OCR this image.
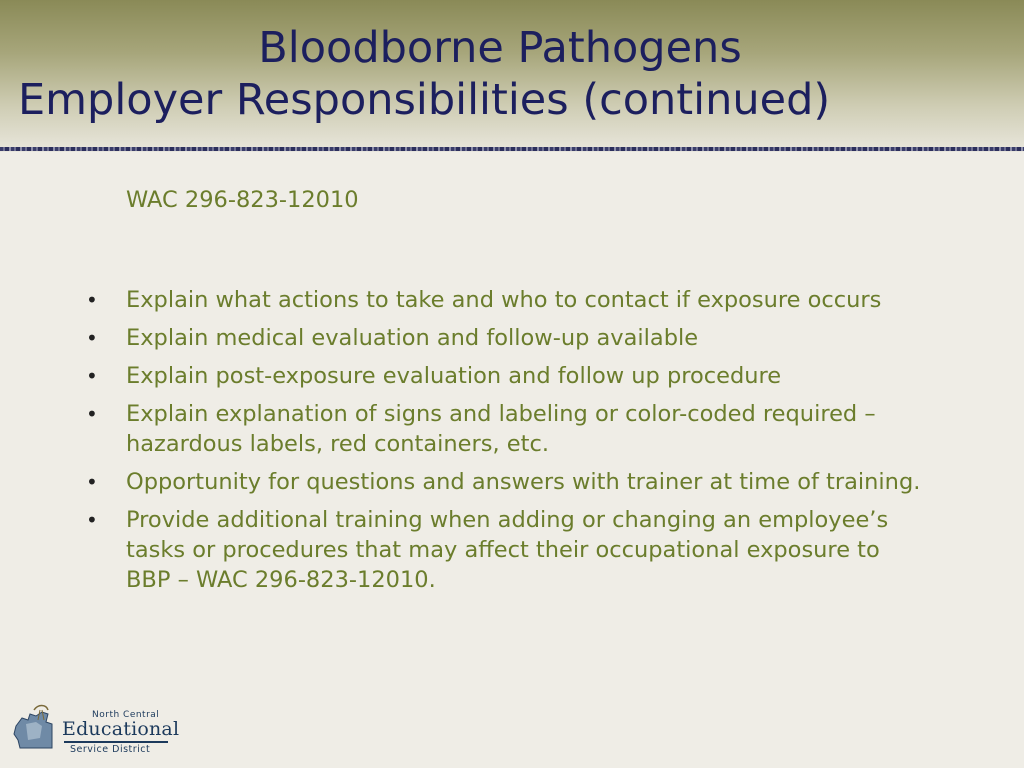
Bloodborne Pathogens
Employer Responsibilities (continued)
WAC 296-823-12010
•	Explain what actions to take and who to contact if exposure occurs
•	Explain medical evaluation and follow-up available
•	Explain post-exposure evaluation and follow up procedure
•	Explain explanation of signs and labeling or color-coded required – hazardous labels, red containers, etc.
•	Opportunity for questions and answers with trainer at time of training.
•	Provide additional training when adding or changing an employee’s tasks or procedures that may affect their occupational exposure to BBP – WAC 296-823-12010.
North Central
Educational
Service District
